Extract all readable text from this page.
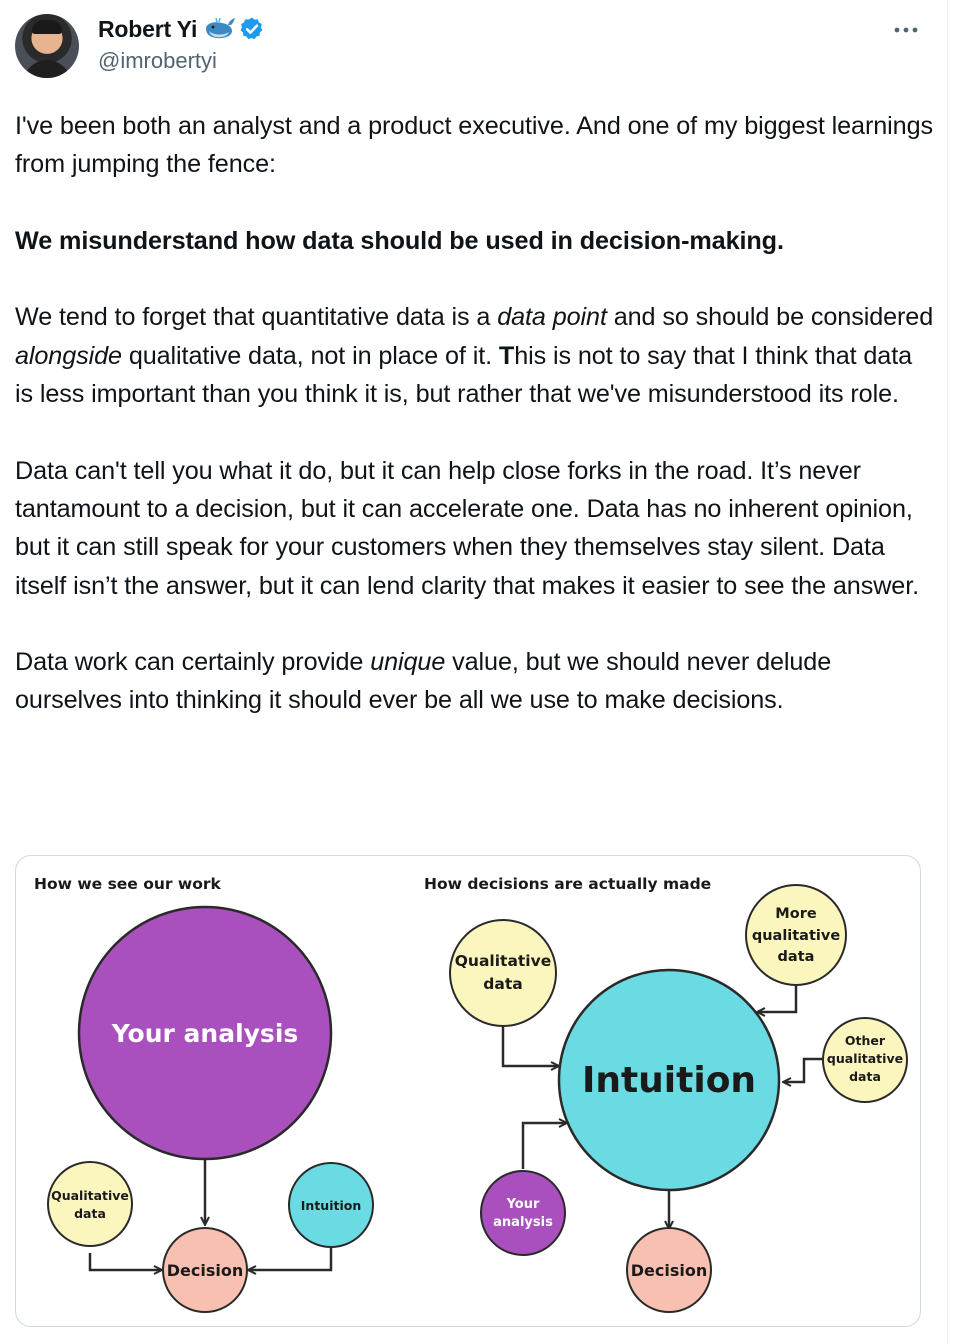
Robert Yi
@imrobertyi

I've been both an analyst and a product executive. And one of my biggest learnings from jumping the fence:

We misunderstand how data should be used in decision-making.

We tend to forget that quantitative data is a data point and so should be considered alongside qualitative data, not in place of it. This is not to say that I think that data is less important than you think it is, but rather that we've misunderstood its role.

Data can't tell you what it do, but it can help close forks in the road. It’s never tantamount to a decision, but it can accelerate one. Data has no inherent opinion, but it can still speak for your customers when they themselves stay silent. Data itself isn’t the answer, but it can lend clarity that makes it easier to see the answer.

Data work can certainly provide unique value, but we should never delude ourselves into thinking it should ever be all we use to make decisions.

How we see our work	How decisions are actually made
Your analysis
Qualitative
data
Intuition
Decision
Qualitative
data
More
qualitative
data
Other
qualitative
data
Intuition
Your
analysis
Decision
